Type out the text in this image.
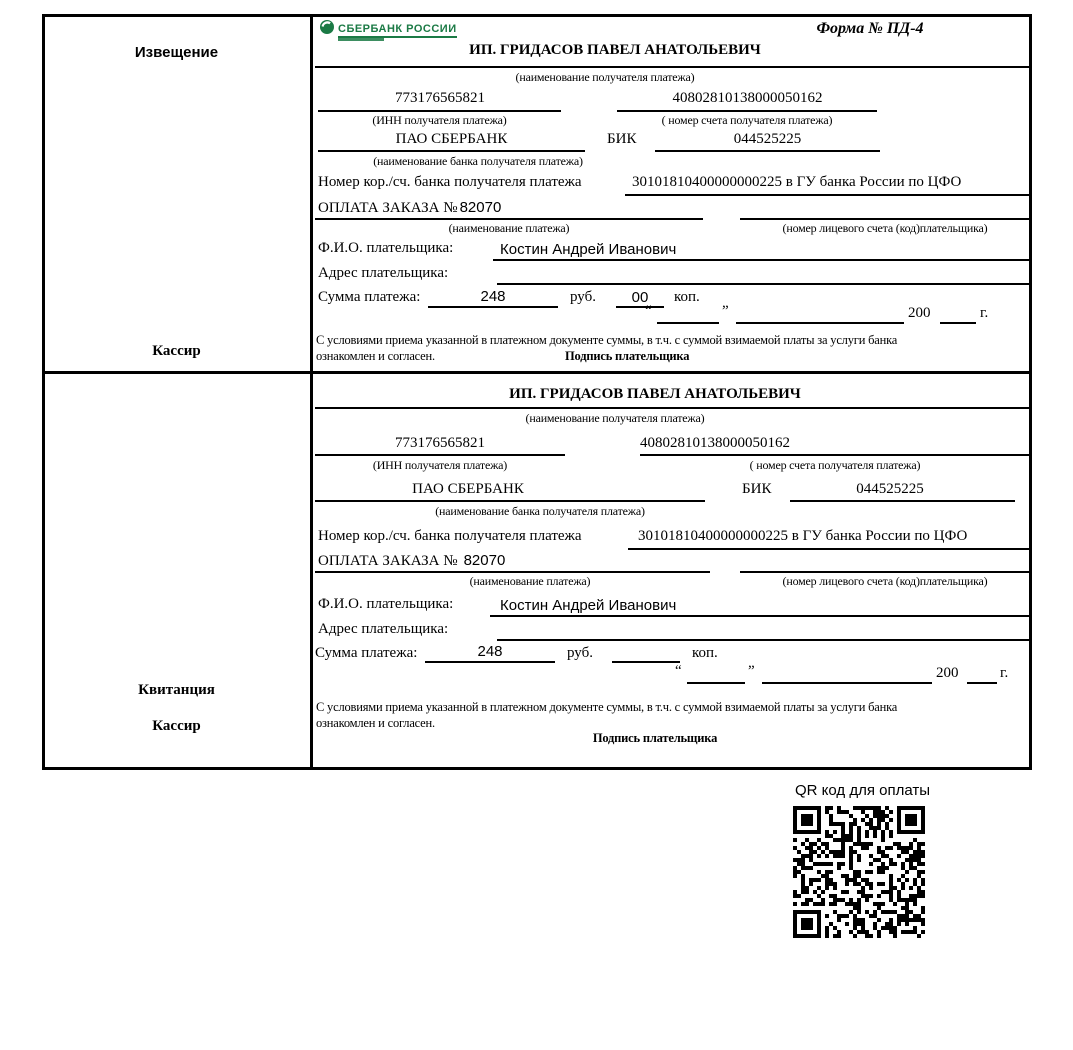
Извещение
Кассир
СБЕРБАНК РОССИИ	Форма № ПД-4
ИП. ГРИДАСОВ ПАВЕЛ АНАТОЛЬЕВИЧ
(наименование получателя платежа)
773176565821	40802810138000050162
(ИНН получателя платежа)	( номер счета получателя платежа)
ПАО СБЕРБАНК	БИК	044525225
(наименование банка получателя платежа)
Номер кор./сч. банка получателя платежа	30101810400000000225 в ГУ банка России по ЦФО
ОПЛАТА ЗАКАЗА № 82070
(наименование платежа)	(номер лицевого счета (код)плательщика)
Ф.И.О. плательщика:	Костин Андрей Иванович
Адрес плательщика:
Сумма платежа:	248	руб.	00	коп.
“	”	200	г.
С условиями приема указанной в платежном документе суммы, в т.ч. с суммой взимаемой платы за услуги банка
ознакомлен и согласен.	Подпись плательщика
Квитанция
Кассир
ИП. ГРИДАСОВ ПАВЕЛ АНАТОЛЬЕВИЧ
(наименование получателя платежа)
773176565821	40802810138000050162
(ИНН получателя платежа)	( номер счета получателя платежа)
ПАО СБЕРБАНК	БИК	044525225
(наименование банка получателя платежа)
Номер кор./сч. банка получателя платежа	30101810400000000225 в ГУ банка России по ЦФО
ОПЛАТА ЗАКАЗА № 82070
(наименование платежа)	(номер лицевого счета (код)плательщика)
Ф.И.О. плательщика:	Костин Андрей Иванович
Адрес плательщика:
Сумма платежа:	248	руб.	коп.
“	”	200	г.
С условиями приема указанной в платежном документе суммы, в т.ч. с суммой взимаемой платы за услуги банка
ознакомлен и согласен.
Подпись плательщика
QR код для оплаты
